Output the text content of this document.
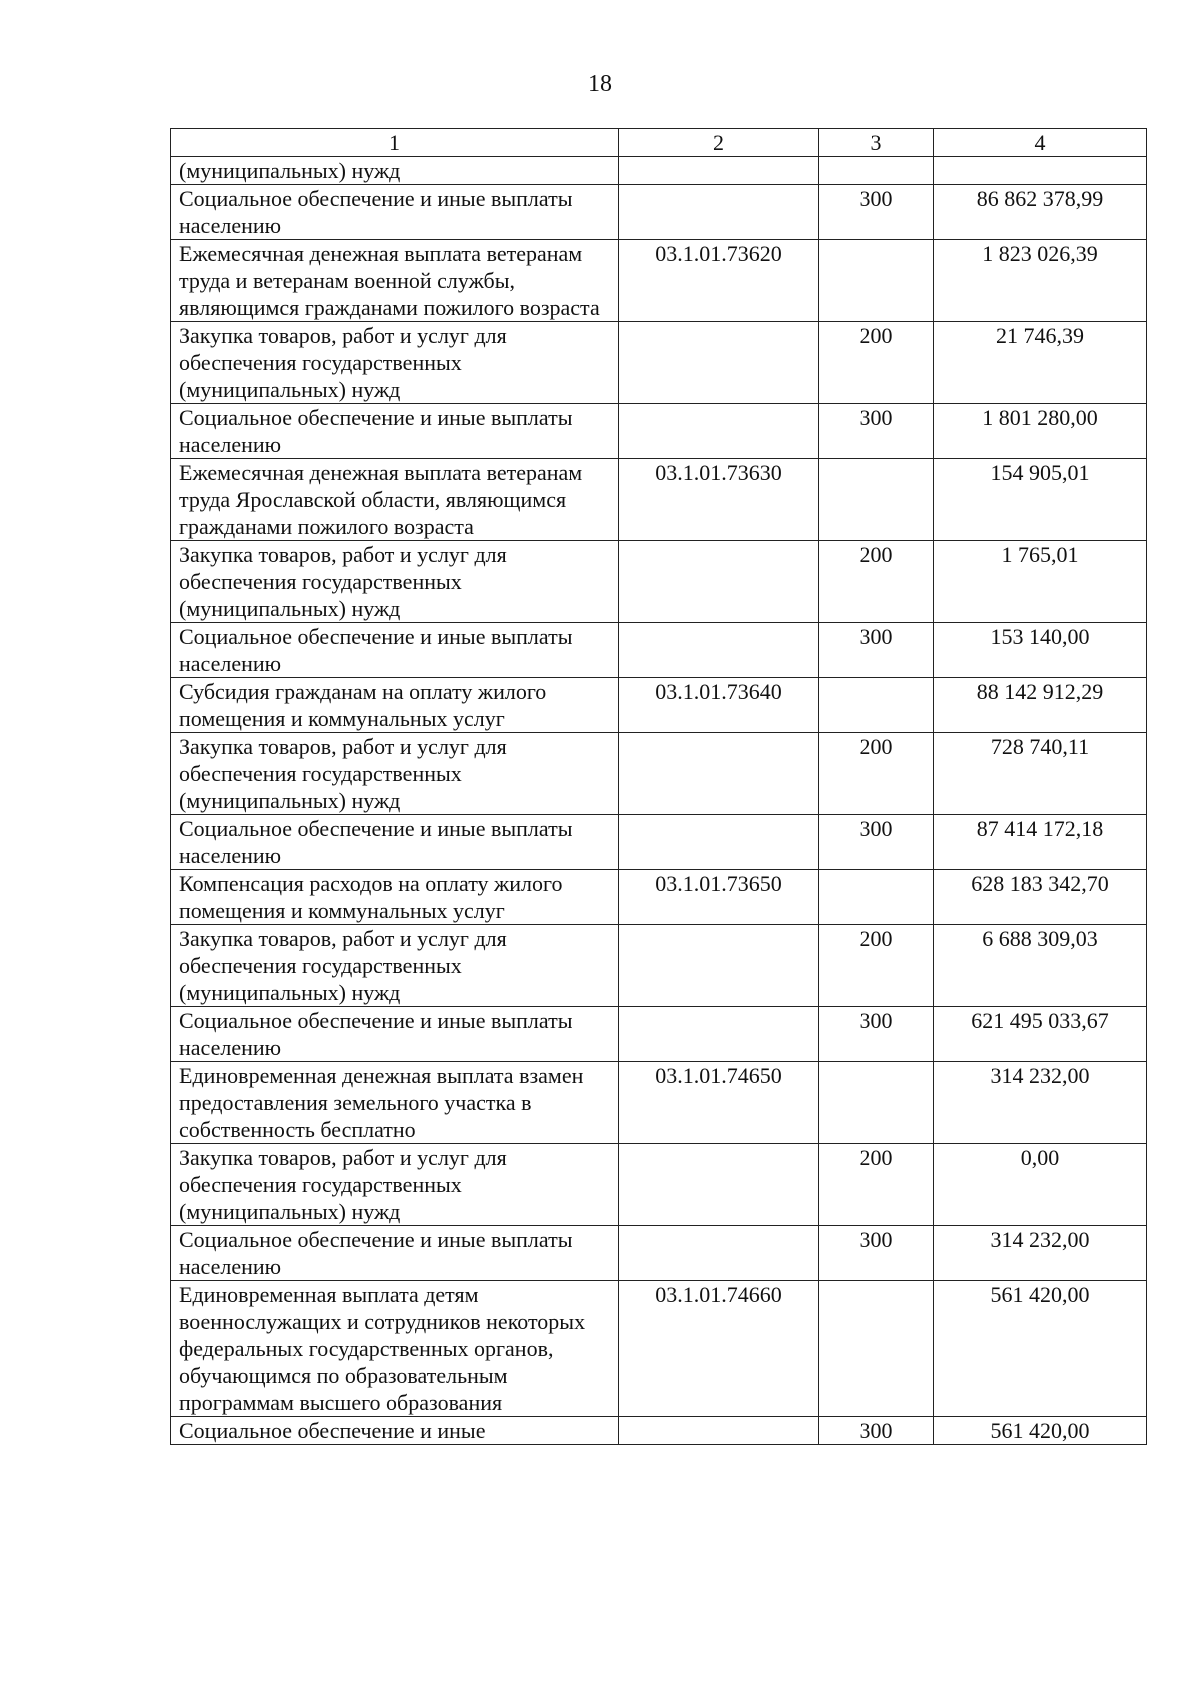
18
1	2	3	4
(муниципальных) нужд			
Социальное обеспечение и иные выплаты населению		300	86 862 378,99
Ежемесячная денежная выплата ветеранам труда и ветеранам военной службы, являющимся гражданами пожилого возраста	03.1.01.73620		1 823 026,39
Закупка товаров, работ и услуг для обеспечения государственных (муниципальных) нужд		200	21 746,39
Социальное обеспечение и иные выплаты населению		300	1 801 280,00
Ежемесячная денежная выплата ветеранам труда Ярославской области, являющимся гражданами пожилого возраста	03.1.01.73630		154 905,01
Закупка товаров, работ и услуг для обеспечения государственных (муниципальных) нужд		200	1 765,01
Социальное обеспечение и иные выплаты населению		300	153 140,00
Субсидия гражданам на оплату жилого помещения и коммунальных услуг	03.1.01.73640		88 142 912,29
Закупка товаров, работ и услуг для обеспечения государственных (муниципальных) нужд		200	728 740,11
Социальное обеспечение и иные выплаты населению		300	87 414 172,18
Компенсация расходов на оплату жилого помещения и коммунальных услуг	03.1.01.73650		628 183 342,70
Закупка товаров, работ и услуг для обеспечения государственных (муниципальных) нужд		200	6 688 309,03
Социальное обеспечение и иные выплаты населению		300	621 495 033,67
Единовременная денежная выплата взамен предоставления земельного участка в собственность бесплатно	03.1.01.74650		314 232,00
Закупка товаров, работ и услуг для обеспечения государственных (муниципальных) нужд		200	0,00
Социальное обеспечение и иные выплаты населению		300	314 232,00
Единовременная выплата детям военнослужащих и сотрудников некоторых федеральных государственных органов, обучающимся по образовательным программам высшего образования	03.1.01.74660		561 420,00
Социальное обеспечение и иные		300	561 420,00
